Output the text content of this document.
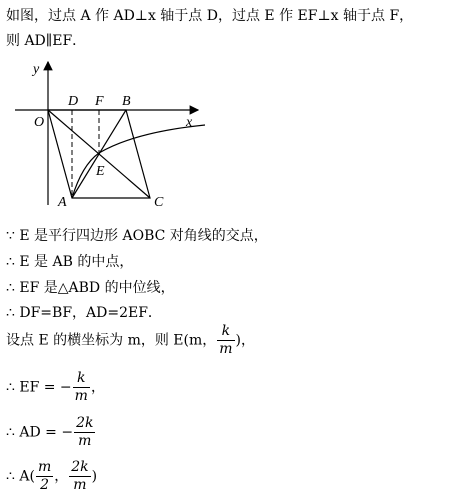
如图，过点 A 作 AD⊥x 轴于点 D，过点 E 作 EF⊥x 轴于点 F，
则 AD∥EF．
y
x
O
D F B
E
A	C
∵ E 是平行四边形 AOBC 对角线的交点，
∴ E 是 AB 的中点，
∴ EF 是△ABD 的中位线，
∴ DF=BF，AD=2EF．
设点 E 的横坐标为 m，则 E(m， $\frac{k}{m}$ )，
∴ EF = − $\frac{k}{m}$ ，
∴ AD = − $\frac{2k}{m}$
∴ $A( \frac{m}{2}$ ， $\frac{2k}{m}$ )
